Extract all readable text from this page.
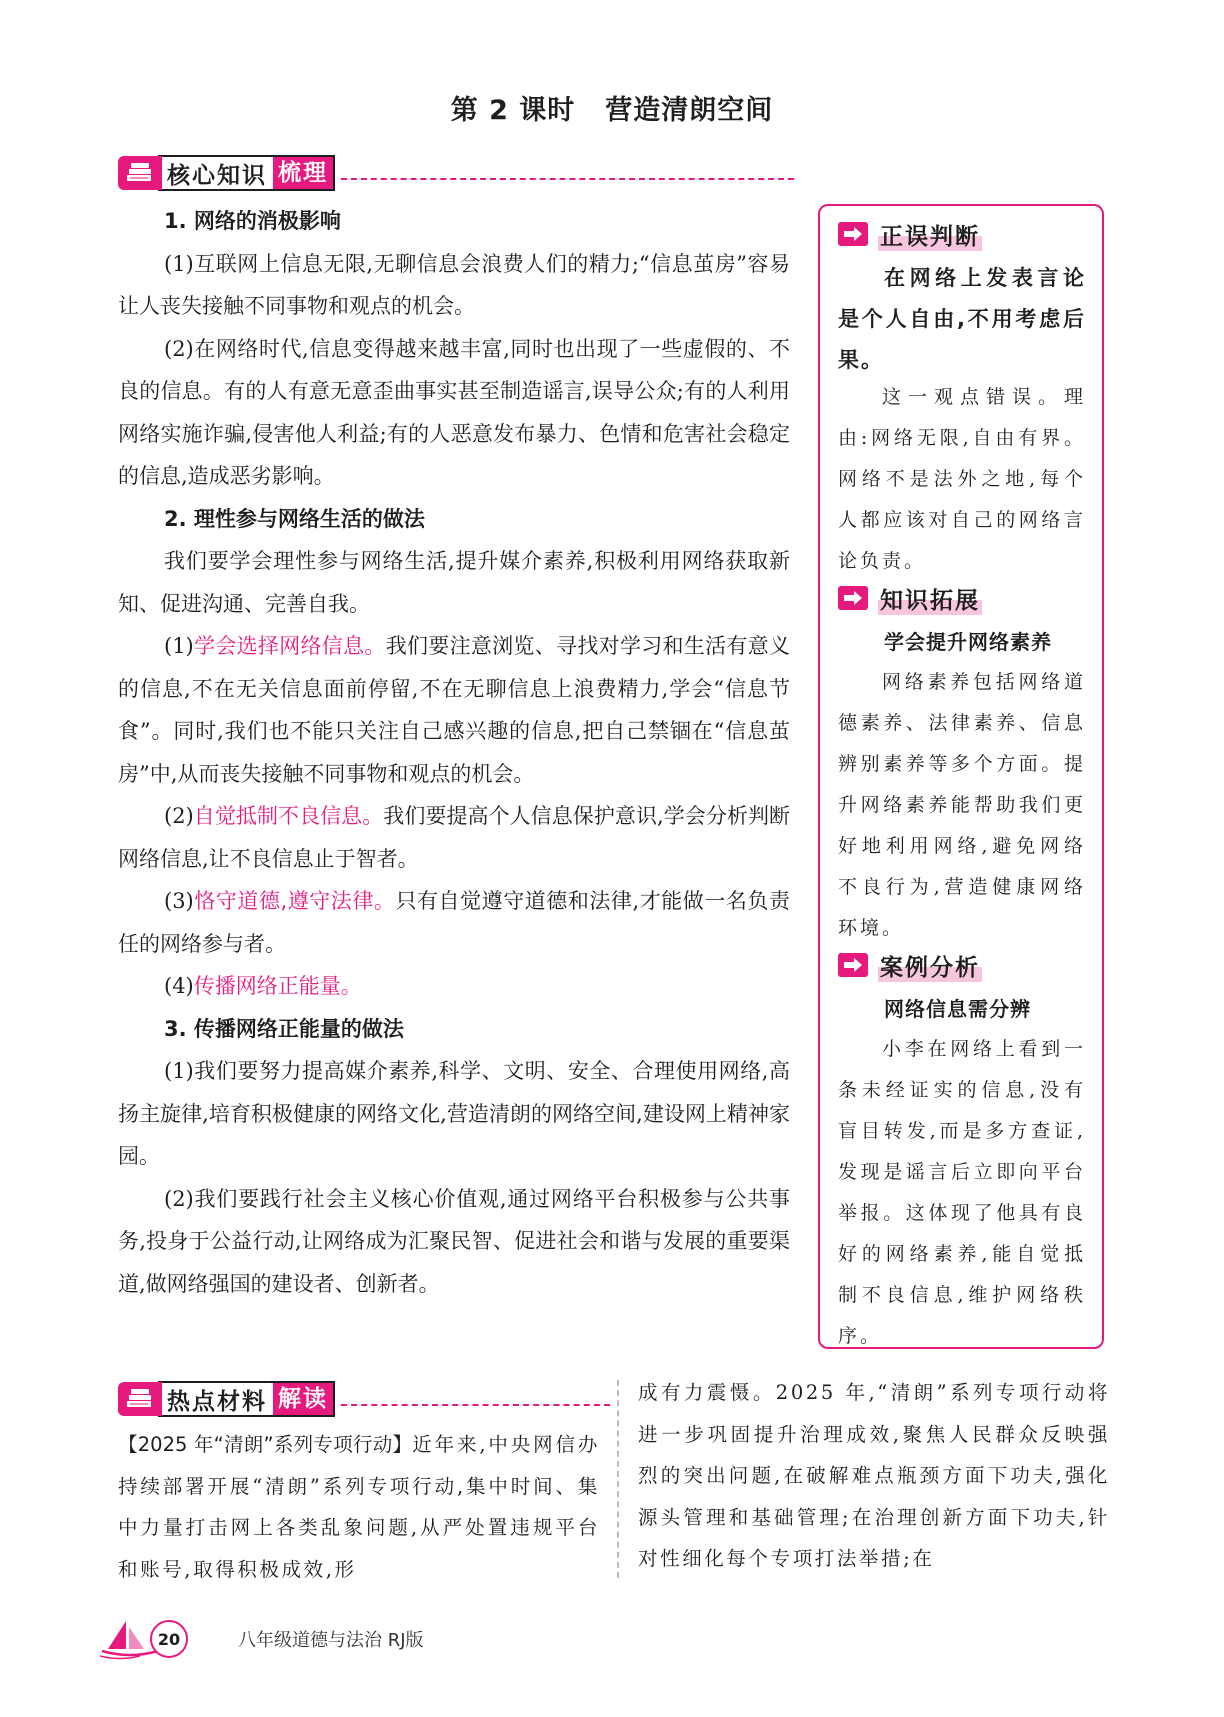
第 2 课时 营造清朗空间
核心知识 梳理

1. 网络的消极影响

(1)互联网上信息无限,无聊信息会浪费人们的精力;“信息茧房”容易让人丧失接触不同事物和观点的机会。

(2)在网络时代,信息变得越来越丰富,同时也出现了一些虚假的、不良的信息。有的人有意无意歪曲事实甚至制造谣言,误导公众;有的人利用网络实施诈骗,侵害他人利益;有的人恶意发布暴力、色情和危害社会稳定的信息,造成恶劣影响。

2. 理性参与网络生活的做法

我们要学会理性参与网络生活,提升媒介素养,积极利用网络获取新知、促进沟通、完善自我。

(1)学会选择网络信息。我们要注意浏览、寻找对学习和生活有意义的信息,不在无关信息面前停留,不在无聊信息上浪费精力,学会“信息节食”。同时,我们也不能只关注自己感兴趣的信息,把自己禁锢在“信息茧房”中,从而丧失接触不同事物和观点的机会。

(2)自觉抵制不良信息。我们要提高个人信息保护意识,学会分析判断网络信息,让不良信息止于智者。

(3)恪守道德,遵守法律。只有自觉遵守道德和法律,才能做一名负责任的网络参与者。

(4)传播网络正能量。

3. 传播网络正能量的做法

(1)我们要努力提高媒介素养,科学、文明、安全、合理使用网络,高扬主旋律,培育积极健康的网络文化,营造清朗的网络空间,建设网上精神家园。

(2)我们要践行社会主义核心价值观,通过网络平台积极参与公共事务,投身于公益行动,让网络成为汇聚民智、促进社会和谐与发展的重要渠道,做网络强国的建设者、创新者。

正误判断

在网络上发表言论是个人自由,不用考虑后果。

这一观点错误。理由:网络无限,自由有界。网络不是法外之地,每个人都应该对自己的网络言论负责。

知识拓展
学会提升网络素养

网络素养包括网络道德素养、法律素养、信息辨别素养等多个方面。提升网络素养能帮助我们更好地利用网络,避免网络不良行为,营造健康网络环境。

案例分析
网络信息需分辨

小李在网络上看到一条未经证实的信息,没有盲目转发,而是多方查证,发现是谣言后立即向平台举报。这体现了他具有良好的网络素养,能自觉抵制不良信息,维护网络秩序。

热点材料 解读

【2025 年“清朗”系列专项行动】近年来,中央网信办持续部署开展“清朗”系列专项行动,集中时间、集中力量打击网上各类乱象问题,从严处置违规平台和账号,取得积极成效,形

成有力震慑。2025 年,“清朗”系列专项行动将进一步巩固提升治理成效,聚焦人民群众反映强烈的突出问题,在破解难点瓶颈方面下功夫,强化源头管理和基础管理;在治理创新方面下功夫,针对性细化每个专项打法举措;在

20	八年级道德与法治 RJ版
